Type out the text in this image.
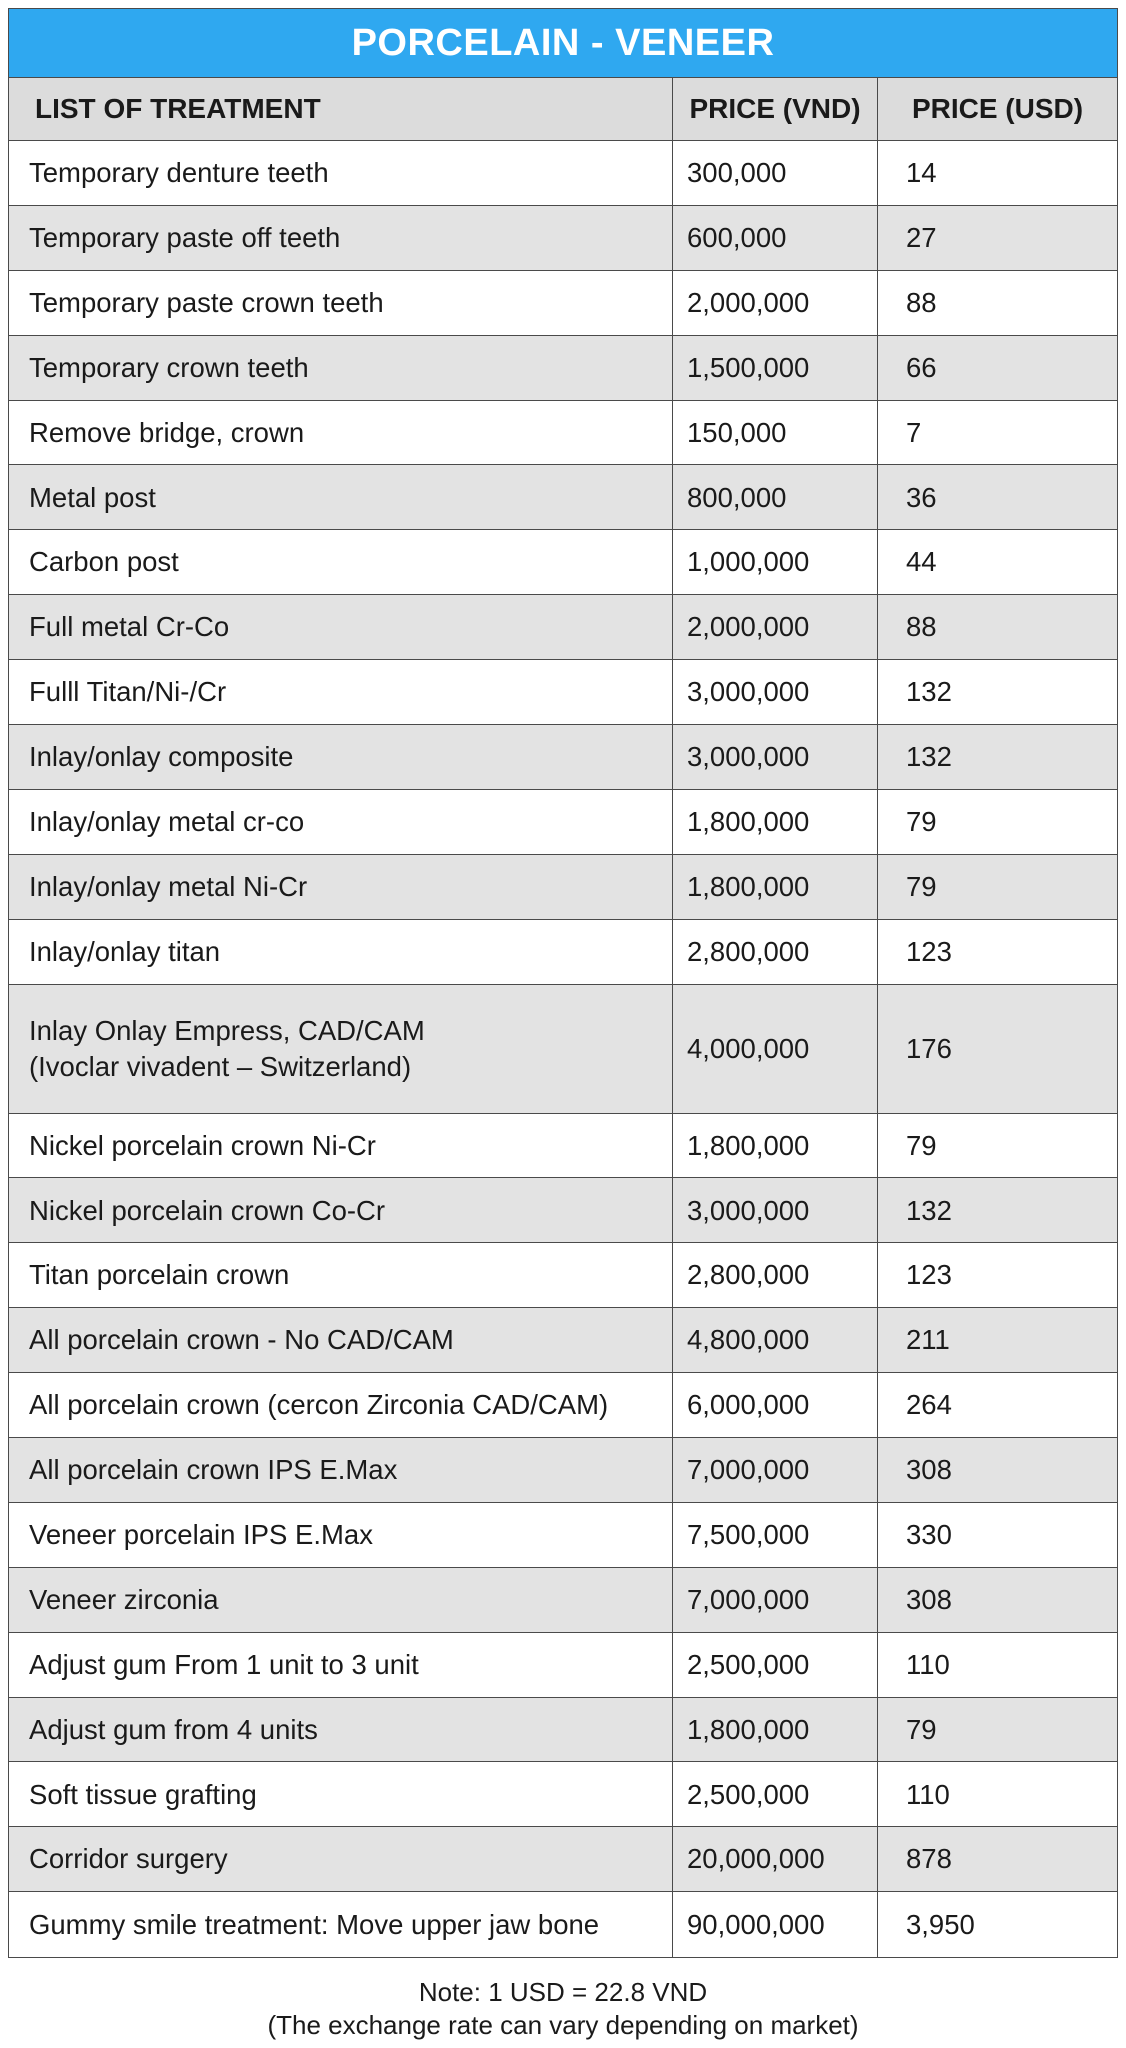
PORCELAIN - VENEER
LIST OF TREATMENT	PRICE (VND)	PRICE (USD)
Temporary denture teeth	300,000	14
Temporary paste off teeth	600,000	27
Temporary paste crown teeth	2,000,000	88
Temporary crown teeth	1,500,000	66
Remove bridge, crown	150,000	7
Metal post	800,000	36
Carbon post	1,000,000	44
Full metal Cr-Co	2,000,000	88
Fulll Titan/Ni-/Cr	3,000,000	132
Inlay/onlay composite	3,000,000	132
Inlay/onlay metal cr-co	1,800,000	79
Inlay/onlay metal Ni-Cr	1,800,000	79
Inlay/onlay titan	2,800,000	123
Inlay Onlay Empress, CAD/CAM
(Ivoclar vivadent – Switzerland)
4,000,000	176
Nickel porcelain crown Ni-Cr	1,800,000	79
Nickel porcelain crown Co-Cr	3,000,000	132
Titan porcelain crown	2,800,000	123
All porcelain crown - No CAD/CAM	4,800,000	211
All porcelain crown (cercon Zirconia CAD/CAM)	6,000,000	264
All porcelain crown IPS E.Max	7,000,000	308
Veneer porcelain IPS E.Max	7,500,000	330
Veneer zirconia	7,000,000	308
Adjust gum From 1 unit to 3 unit	2,500,000	110
Adjust gum from 4 units	1,800,000	79
Soft tissue grafting	2,500,000	110
Corridor surgery	20,000,000	878
Gummy smile treatment: Move upper jaw bone	90,000,000	3,950
Note: 1 USD = 22.8 VND
(The exchange rate can vary depending on market)
